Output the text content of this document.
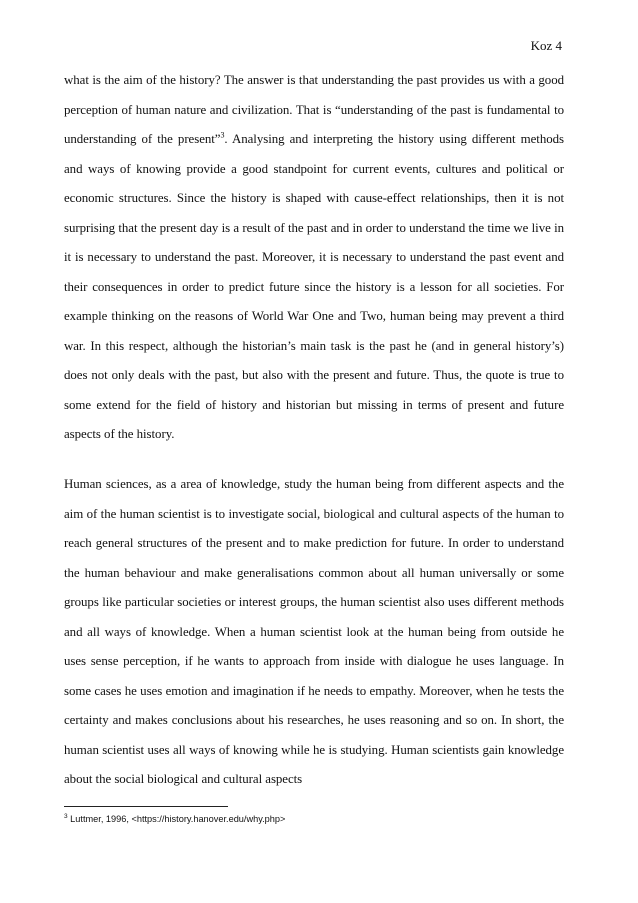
Koz 4

what is the aim of the history? The answer is that understanding the past provides us with a good perception of human nature and civilization. That is “understanding of the past is fundamental to understanding of the present”$^3$. Analysing and interpreting the history using different methods and ways of knowing provide a good standpoint for current events, cultures and political or economic structures. Since the history is shaped with cause-effect relationships, then it is not surprising that the present day is a result of the past and in order to understand the time we live in it is necessary to understand the past. Moreover, it is necessary to understand the past event and their consequences in order to predict future since the history is a lesson for all societies. For example thinking on the reasons of World War One and Two, human being may prevent a third war. In this respect, although the historian’s main task is the past he (and in general history’s) does not only deals with the past, but also with the present and future. Thus, the quote is true to some extend for the field of history and historian but missing in terms of present and future aspects of the history.

Human sciences, as a area of knowledge, study the human being from different aspects and the aim of the human scientist is to investigate social, biological and cultural aspects of the human to reach general structures of the present and to make prediction for future. In order to understand the human behaviour and make generalisations common about all human universally or some groups like particular societies or interest groups, the human scientist also uses different methods and all ways of knowledge. When a human scientist look at the human being from outside he uses sense perception, if he wants to approach from inside with dialogue he uses language. In some cases he uses emotion and imagination if he needs to empathy. Moreover, when he tests the certainty and makes conclusions about his researches, he uses reasoning and so on. In short, the human scientist uses all ways of knowing while he is studying. Human scientists gain knowledge about the social biological and cultural aspects

$^3$ Luttmer, 1996, <https://history.hanover.edu/why.php>
